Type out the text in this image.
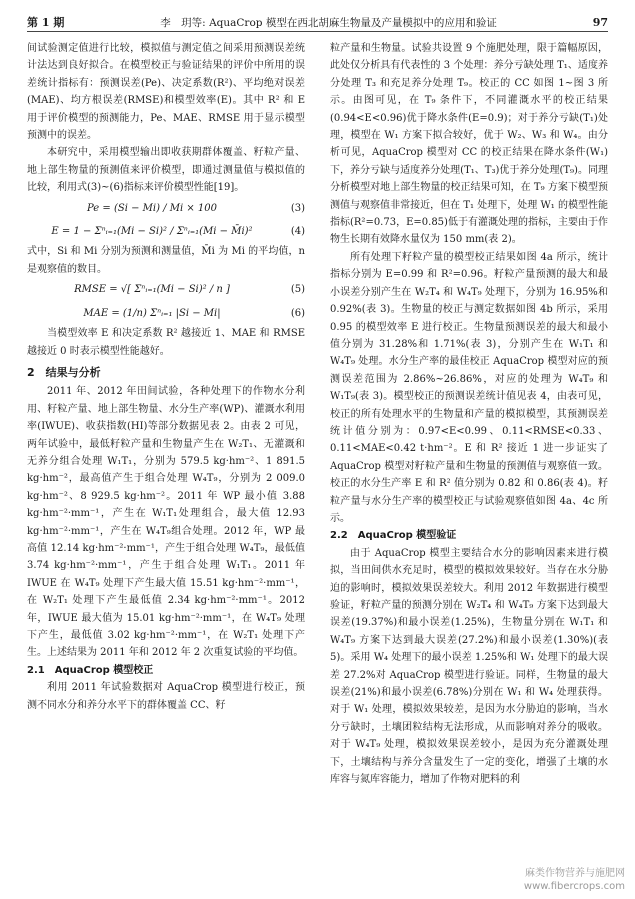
第 1 期	李　玥等: AquaCrop 模型在西北胡麻生物量及产量模拟中的应用和验证	97

间试验测定值进行比较，模拟值与测定值之间采用预测误差统计法达到良好拟合。在模型校正与验证结果的评价中所用的误差统计指标有：预测误差(Pe)、决定系数(R²)、平均绝对误差(MAE)、均方根误差(RMSE)和模型效率(E)。其中 R² 和 E 用于评价模型的预测能力，Pe、MAE、RMSE 用于显示模型预测中的误差。

本研究中，采用模型输出即收获期群体覆盖、籽粒产量、地上部生物量的预测值来评价模型，即通过测量值与模拟值的比较，利用式(3)~(6)指标来评价模型性能[19]。

Pe = (Si − Mi) / Mi × 100	(3)
E = 1 − Σⁿᵢ₌₁(Mi − Si)² / Σⁿᵢ₌₁(Mi − M̄i)²	(4)

式中，Si 和 Mi 分别为预测和测量值，M̄i 为 Mi 的平均值，n 是观察值的数目。

RMSE = √[ Σⁿᵢ₌₁(Mi − Si)² / n ]	(5)
MAE = (1/n) Σⁿᵢ₌₁ |Si − Mi|	(6)

当模型效率 E 和决定系数 R² 越接近 1、MAE 和 RMSE 越接近 0 时表示模型性能越好。

2　结果与分析

2011 年、2012 年田间试验，各种处理下的作物水分利用、籽粒产量、地上部生物量、水分生产率(WP)、灌溉水利用率(IWUE)、收获指数(HI)等部分数据见表 2。由表 2 可见，两年试验中，最低籽粒产量和生物量产生在 W₂T₁、无灌溉和无养分组合处理 W₁T₁，分别为 579.5 kg·hm⁻²、1 891.5 kg·hm⁻²，最高值产生于组合处理 W₄T₉，分别为 2 009.0 kg·hm⁻²、8 929.5 kg·hm⁻²。2011 年 WP 最小值 3.88 kg·hm⁻²·mm⁻¹，产生在 W₁T₁处理组合，最大值 12.93 kg·hm⁻²·mm⁻¹，产生在 W₄T₉组合处理。2012 年，WP 最高值 12.14 kg·hm⁻²·mm⁻¹，产生于组合处理 W₄T₉，最低值 3.74 kg·hm⁻²·mm⁻¹，产生于组合处理 W₁T₁。2011 年 IWUE 在 W₄T₉ 处理下产生最大值 15.51 kg·hm⁻²·mm⁻¹，在 W₂T₁ 处理下产生最低值 2.34 kg·hm⁻²·mm⁻¹。2012 年，IWUE 最大值为 15.01 kg·hm⁻²·mm⁻¹，在 W₄T₉ 处理下产生，最低值 3.02 kg·hm⁻²·mm⁻¹，在 W₂T₁ 处理下产生。上述结果为 2011 年和 2012 年 2 次重复试验的平均值。

2.1　AquaCrop 模型校正

利用 2011 年试验数据对 AquaCrop 模型进行校正，预测不同水分和养分水平下的群体覆盖 CC、籽

粒产量和生物量。试验共设置 9 个施肥处理，限于篇幅原因，此处仅分析具有代表性的 3 个处理：养分亏缺处理 T₁、适度养分处理 T₃ 和充足养分处理 T₉。校正的 CC 如图 1~图 3 所示。由图可见，在 T₉ 条件下，不同灌溉水平的校正结果(0.94<E<0.96)优于降水条件(E=0.9)；对于养分亏缺(T₁)处理，模型在 W₁ 方案下拟合较好，优于 W₂、W₃ 和 W₄。由分析可见，AquaCrop 模型对 CC 的校正结果在降水条件(W₁)下，养分亏缺与适度养分处理(T₁、T₃)优于养分处理(T₉)。同理分析模型对地上部生物量的校正结果可知，在 T₉ 方案下模型预测值与观察值非常接近，但在 T₁ 处理下，处理 W₁ 的模型性能指标(R²=0.73，E=0.85)低于有灌溉处理的指标，主要由于作物生长期有效降水量仅为 150 mm(表 2)。

所有处理下籽粒产量的模型校正结果如图 4a 所示，统计指标分别为 E=0.99 和 R²=0.96。籽粒产量预测的最大和最小误差分别产生在 W₂T₄ 和 W₄T₉ 处理下，分别为 16.95%和 0.92%(表 3)。生物量的校正与测定数据如图 4b 所示，采用 0.95 的模型效率 E 进行校正。生物量预测误差的最大和最小值分别为 31.28%和 1.71%(表 3)，分别产生在 W₁T₁ 和 W₄T₉ 处理。水分生产率的最佳校正 AquaCrop 模型对应的预测误差范围为 2.86%~26.86%，对应的处理为 W₄T₉ 和 W₁T₉(表 3)。模型校正的预测误差统计值见表 4，由表可见，校正的所有处理水平的生物量和产量的模拟模型，其预测误差统计值分别为：0.97<E<0.99、0.11<RMSE<0.33、0.11<MAE<0.42 t·hm⁻²。E 和 R² 接近 1 进一步证实了 AquaCrop 模型对籽粒产量和生物量的预测值与观察值一致。校正的水分生产率 E 和 R² 值分别为 0.82 和 0.86(表 4)。籽粒产量与水分生产率的模型校正与试验观察值如图 4a、4c 所示。

2.2　AquaCrop 模型验证

由于 AquaCrop 模型主要结合水分的影响因素来进行模拟，当田间供水充足时，模型的模拟效果较好。当存在水分胁迫的影响时，模拟效果误差较大。利用 2012 年数据进行模型验证，籽粒产量的预测分别在 W₂T₄ 和 W₄T₉ 方案下达到最大误差(19.37%)和最小误差(1.25%)，生物量分别在 W₁T₁ 和 W₄T₉ 方案下达到最大误差(27.2%)和最小误差(1.30%)(表 5)。采用 W₄ 处理下的最小误差 1.25%和 W₁ 处理下的最大误差 27.2%对 AquaCrop 模型进行验证。同样，生物量的最大误差(21%)和最小误差(6.78%)分别在 W₁ 和 W₄ 处理获得。对于 W₁ 处理，模拟效果较差，是因为水分胁迫的影响，当水分亏缺时，土壤团粒结构无法形成，从而影响对养分的吸收。对于 W₄T₉ 处理，模拟效果误差较小，是因为充分灌溉处理下，土壤结构与养分含量发生了一定的变化，增强了土壤的水库容与氮库容能力，增加了作物对肥料的利

麻类作物营养与施肥网
www.fibercrops.com
